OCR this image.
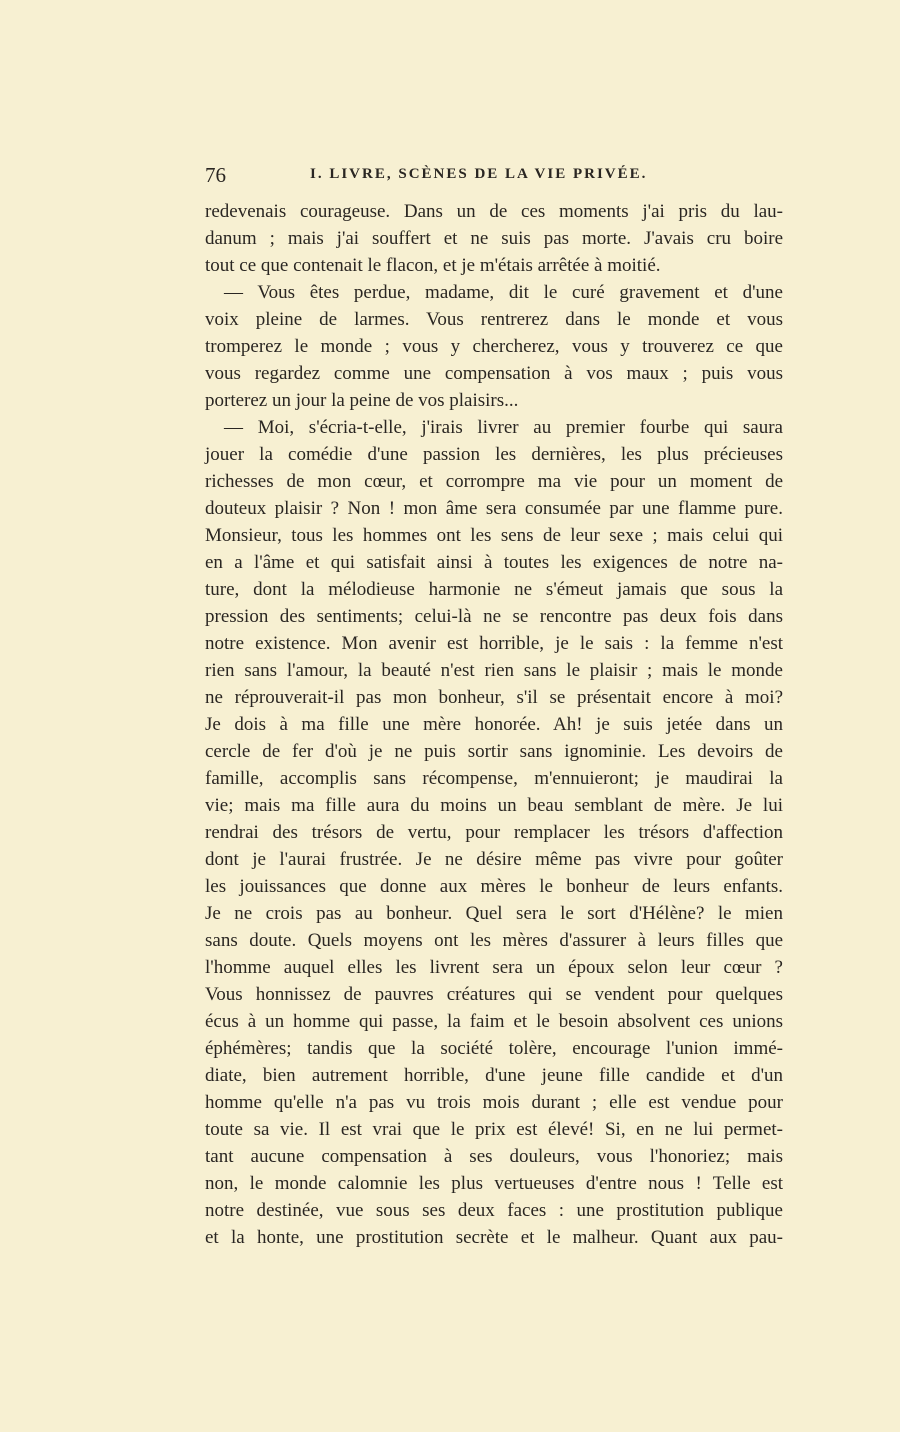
76	I. LIVRE, SCÈNES DE LA VIE PRIVÉE.
redevenais courageuse. Dans un de ces moments j'ai pris du lau-
danum ; mais j'ai souffert et ne suis pas morte. J'avais cru boire
tout ce que contenait le flacon, et je m'étais arrêtée à moitié.
 — Vous êtes perdue, madame, dit le curé gravement et d'une
voix pleine de larmes. Vous rentrerez dans le monde et vous
tromperez le monde ; vous y chercherez, vous y trouverez ce que
vous regardez comme une compensation à vos maux ; puis vous
porterez un jour la peine de vos plaisirs...
 — Moi, s'écria-t-elle, j'irais livrer au premier fourbe qui saura
jouer la comédie d'une passion les dernières, les plus précieuses
richesses de mon cœur, et corrompre ma vie pour un moment de
douteux plaisir ? Non ! mon âme sera consumée par une flamme pure.
Monsieur, tous les hommes ont les sens de leur sexe ; mais celui qui
en a l'âme et qui satisfait ainsi à toutes les exigences de notre na-
ture, dont la mélodieuse harmonie ne s'émeut jamais que sous la
pression des sentiments; celui-là ne se rencontre pas deux fois dans
notre existence. Mon avenir est horrible, je le sais : la femme n'est
rien sans l'amour, la beauté n'est rien sans le plaisir ; mais le monde
ne réprouverait-il pas mon bonheur, s'il se présentait encore à moi?
Je dois à ma fille une mère honorée. Ah! je suis jetée dans un
cercle de fer d'où je ne puis sortir sans ignominie. Les devoirs de
famille, accomplis sans récompense, m'ennuieront; je maudirai la
vie; mais ma fille aura du moins un beau semblant de mère. Je lui
rendrai des trésors de vertu, pour remplacer les trésors d'affection
dont je l'aurai frustrée. Je ne désire même pas vivre pour goûter
les jouissances que donne aux mères le bonheur de leurs enfants.
Je ne crois pas au bonheur. Quel sera le sort d'Hélène? le mien
sans doute. Quels moyens ont les mères d'assurer à leurs filles que
l'homme auquel elles les livrent sera un époux selon leur cœur ?
Vous honnissez de pauvres créatures qui se vendent pour quelques
écus à un homme qui passe, la faim et le besoin absolvent ces unions
éphémères; tandis que la société tolère, encourage l'union immé-
diate, bien autrement horrible, d'une jeune fille candide et d'un
homme qu'elle n'a pas vu trois mois durant ; elle est vendue pour
toute sa vie. Il est vrai que le prix est élevé! Si, en ne lui permet-
tant aucune compensation à ses douleurs, vous l'honoriez; mais
non, le monde calomnie les plus vertueuses d'entre nous ! Telle est
notre destinée, vue sous ses deux faces : une prostitution publique
et la honte, une prostitution secrète et le malheur. Quant aux pau-
